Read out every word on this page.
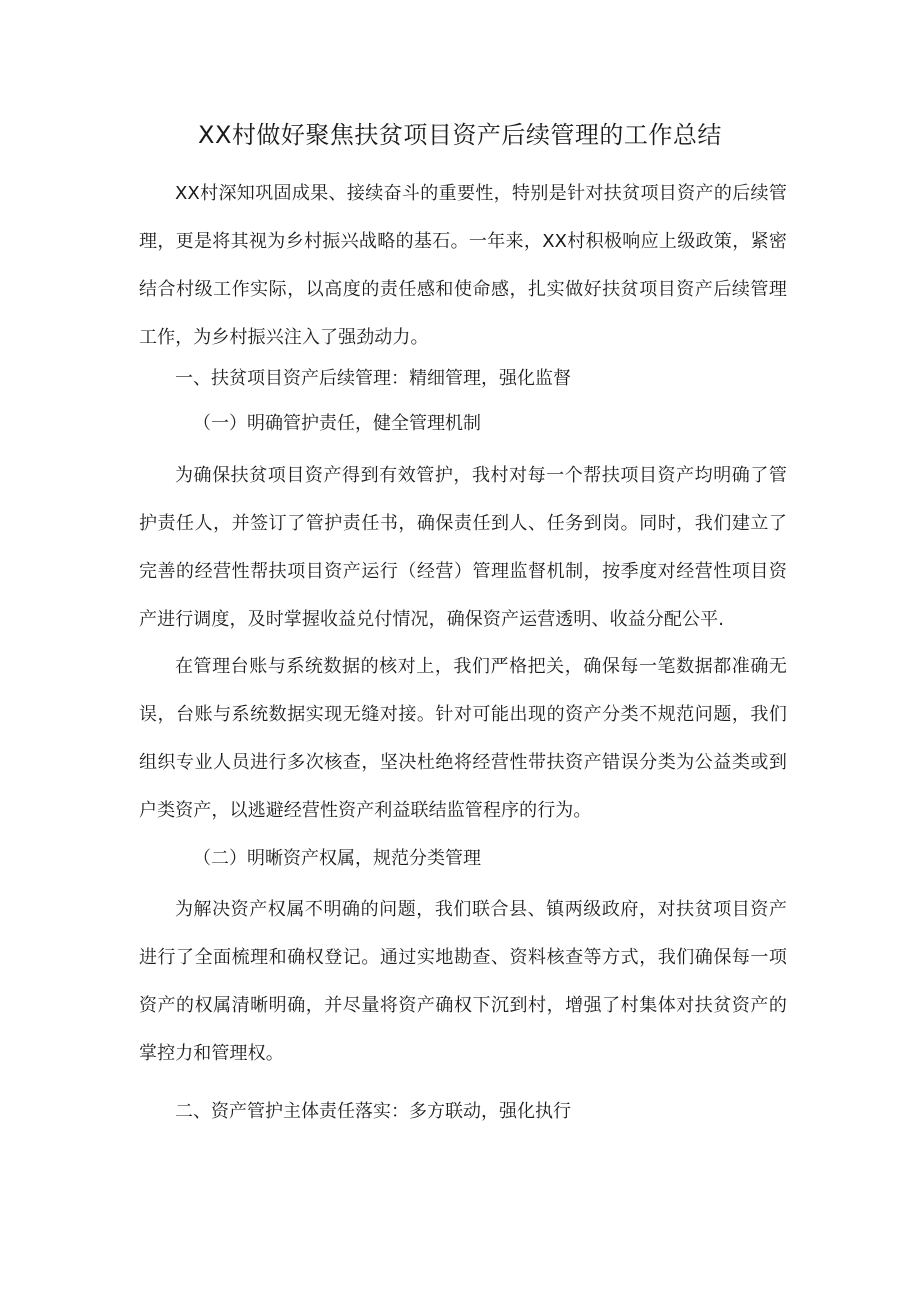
XX村做好聚焦扶贫项目资产后续管理的工作总结

XX村深知巩固成果、接续奋斗的重要性，特别是针对扶贫项目资产的后续管理，更是将其视为乡村振兴战略的基石。一年来，XX村积极响应上级政策，紧密结合村级工作实际，以高度的责任感和使命感，扎实做好扶贫项目资产后续管理工作，为乡村振兴注入了强劲动力。

一、扶贫项目资产后续管理：精细管理，强化监督

（一）明确管护责任，健全管理机制

为确保扶贫项目资产得到有效管护，我村对每一个帮扶项目资产均明确了管护责任人，并签订了管护责任书，确保责任到人、任务到岗。同时，我们建立了完善的经营性帮扶项目资产运行（经营）管理监督机制，按季度对经营性项目资产进行调度，及时掌握收益兑付情况，确保资产运营透明、收益分配公平.

在管理台账与系统数据的核对上，我们严格把关，确保每一笔数据都准确无误，台账与系统数据实现无缝对接。针对可能出现的资产分类不规范问题，我们组织专业人员进行多次核查，坚决杜绝将经营性带扶资产错误分类为公益类或到户类资产，以逃避经营性资产利益联结监管程序的行为。

（二）明晰资产权属，规范分类管理

为解决资产权属不明确的问题，我们联合县、镇两级政府，对扶贫项目资产进行了全面梳理和确权登记。通过实地勘查、资料核查等方式，我们确保每一项资产的权属清晰明确，并尽量将资产确权下沉到村，增强了村集体对扶贫资产的掌控力和管理权。

二、资产管护主体责任落实：多方联动，强化执行
